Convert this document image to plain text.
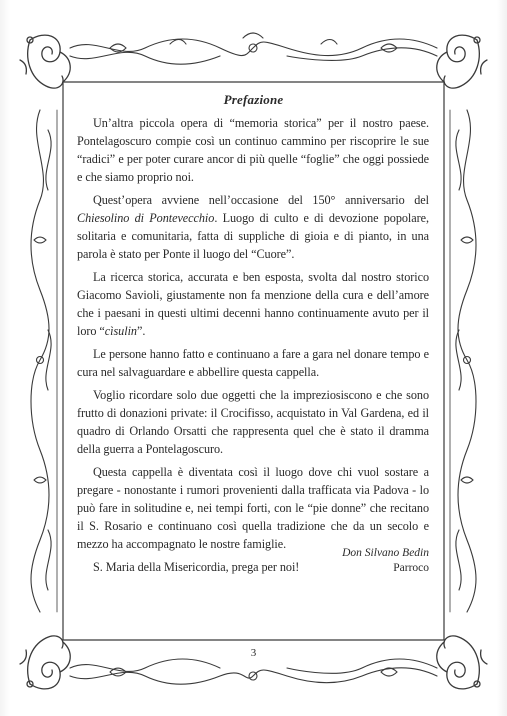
Prefazione

Un’altra piccola opera di “memoria storica” per il nostro paese. Pontelagoscuro compie così un continuo cammino per riscoprire le sue “radici” e per poter curare ancor di più quelle “foglie” che oggi possiede e che siamo proprio noi.

Quest’opera avviene nell’occasione del 150° anniversario del Chiesolino di Pontevecchio. Luogo di culto e di devozione popolare, solitaria e comunitaria, fatta di suppliche di gioia e di pianto, in una parola è stato per Ponte il luogo del “Cuore”.

La ricerca storica, accurata e ben esposta, svolta dal nostro storico Giacomo Savioli, giustamente non fa menzione della cura e dell’amore che i paesani in questi ultimi decenni hanno continuamente avuto per il loro “cìsulin”.

Le persone hanno fatto e continuano a fare a gara nel donare tempo e cura nel salvaguardare e abbellire questa cappella.

Voglio ricordare solo due oggetti che la impreziosiscono e che sono frutto di donazioni private: il Crocifisso, acquistato in Val Gardena, ed il quadro di Orlando Orsatti che rappresenta quel che è stato il dramma della guerra a Pontelagoscuro.

Questa cappella è diventata così il luogo dove chi vuol sostare a pregare - nonostante i rumori provenienti dalla trafficata via Padova - lo può fare in solitudine e, nei tempi forti, con le “pie donne” che recitano il S. Rosario e continuano così quella tradizione che da un secolo e mezzo ha accompagnato le nostre famiglie.

S. Maria della Misericordia, prega per noi!

Don Silvano Bedin
Parroco
3
